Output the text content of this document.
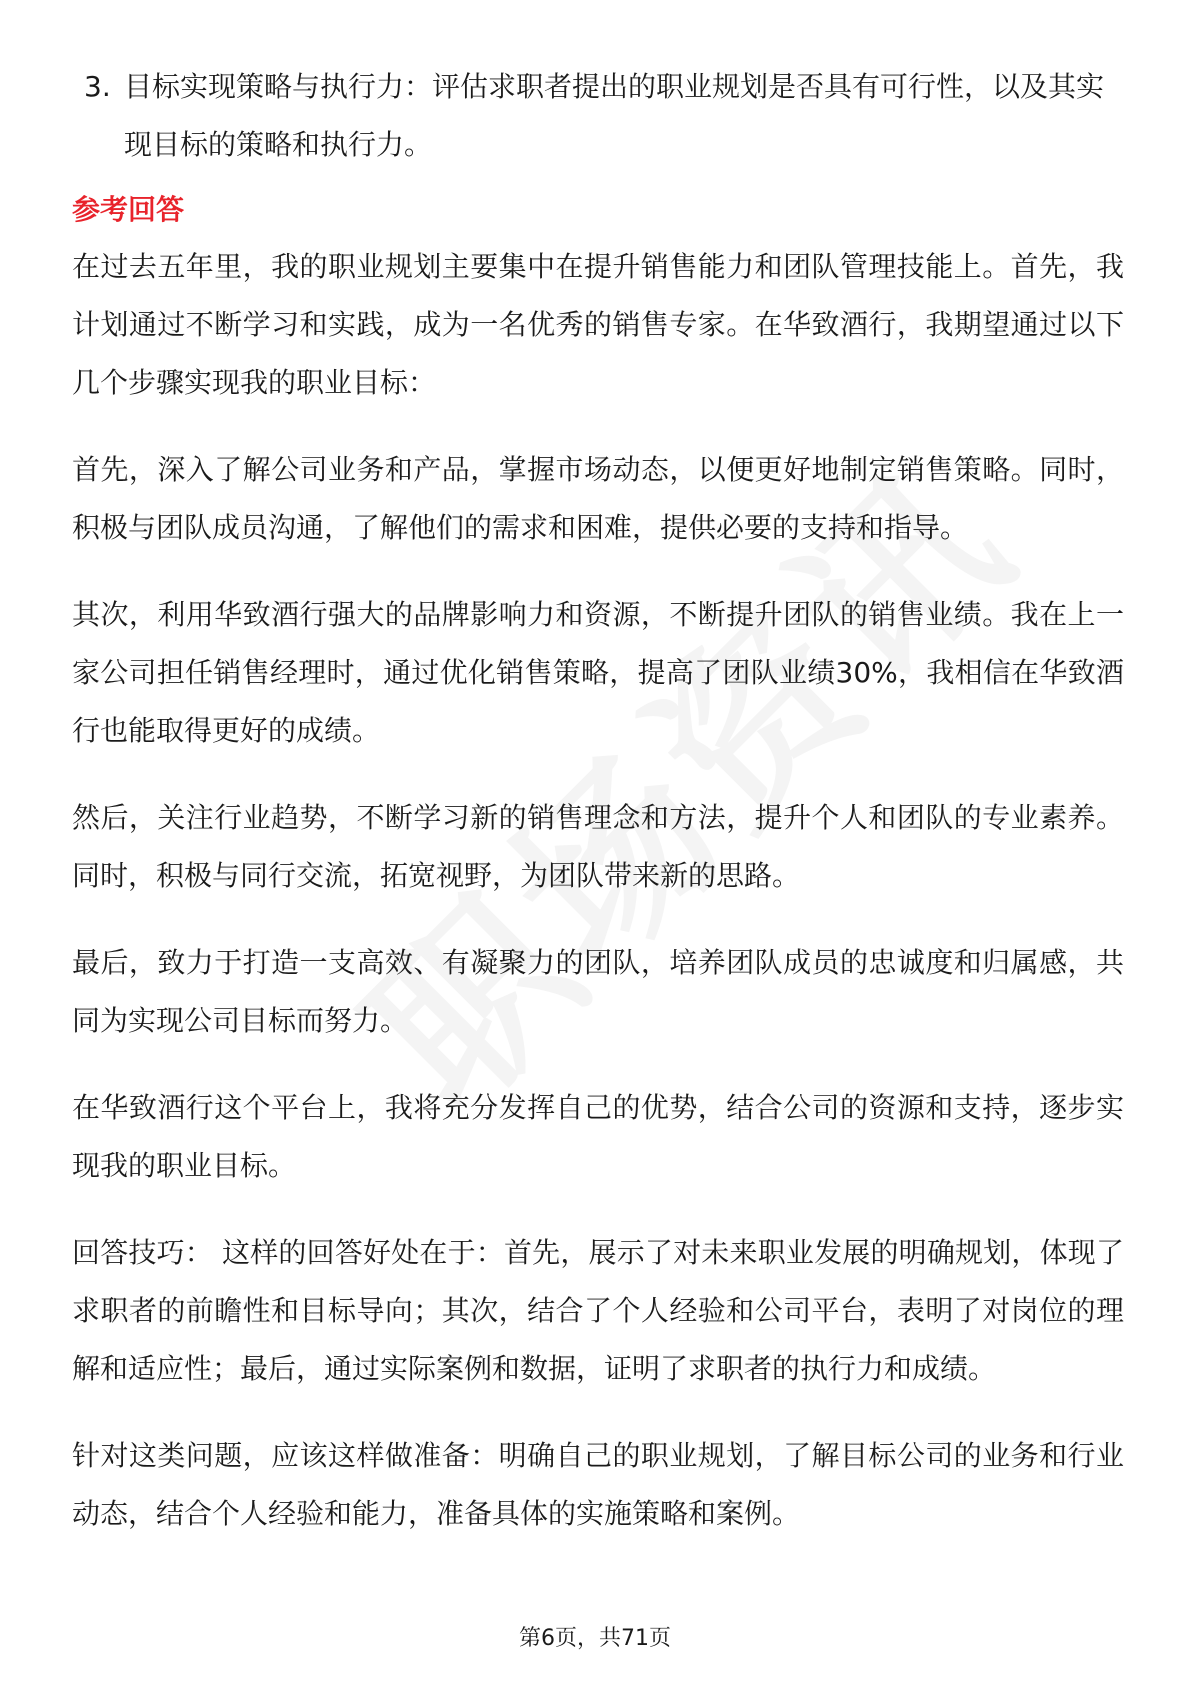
3. 目标实现策略与执行力：评估求职者提出的职业规划是否具有可行性，以及其实现目标的策略和执行力。
参考回答

在过去五年里，我的职业规划主要集中在提升销售能力和团队管理技能上。首先，我计划通过不断学习和实践，成为一名优秀的销售专家。在华致酒行，我期望通过以下几个步骤实现我的职业目标：

首先，深入了解公司业务和产品，掌握市场动态，以便更好地制定销售策略。同时，积极与团队成员沟通，了解他们的需求和困难，提供必要的支持和指导。

其次，利用华致酒行强大的品牌影响力和资源，不断提升团队的销售业绩。我在上一家公司担任销售经理时，通过优化销售策略，提高了团队业绩30%，我相信在华致酒行也能取得更好的成绩。

然后，关注行业趋势，不断学习新的销售理念和方法，提升个人和团队的专业素养。同时，积极与同行交流，拓宽视野，为团队带来新的思路。

最后，致力于打造一支高效、有凝聚力的团队，培养团队成员的忠诚度和归属感，共同为实现公司目标而努力。

在华致酒行这个平台上，我将充分发挥自己的优势，结合公司的资源和支持，逐步实现我的职业目标。

回答技巧： 这样的回答好处在于：首先，展示了对未来职业发展的明确规划，体现了求职者的前瞻性和目标导向；其次，结合了个人经验和公司平台，表明了对岗位的理解和适应性；最后，通过实际案例和数据，证明了求职者的执行力和成绩。

针对这类问题，应该这样做准备：明确自己的职业规划，了解目标公司的业务和行业动态，结合个人经验和能力，准备具体的实施策略和案例。

第6页，共71页
